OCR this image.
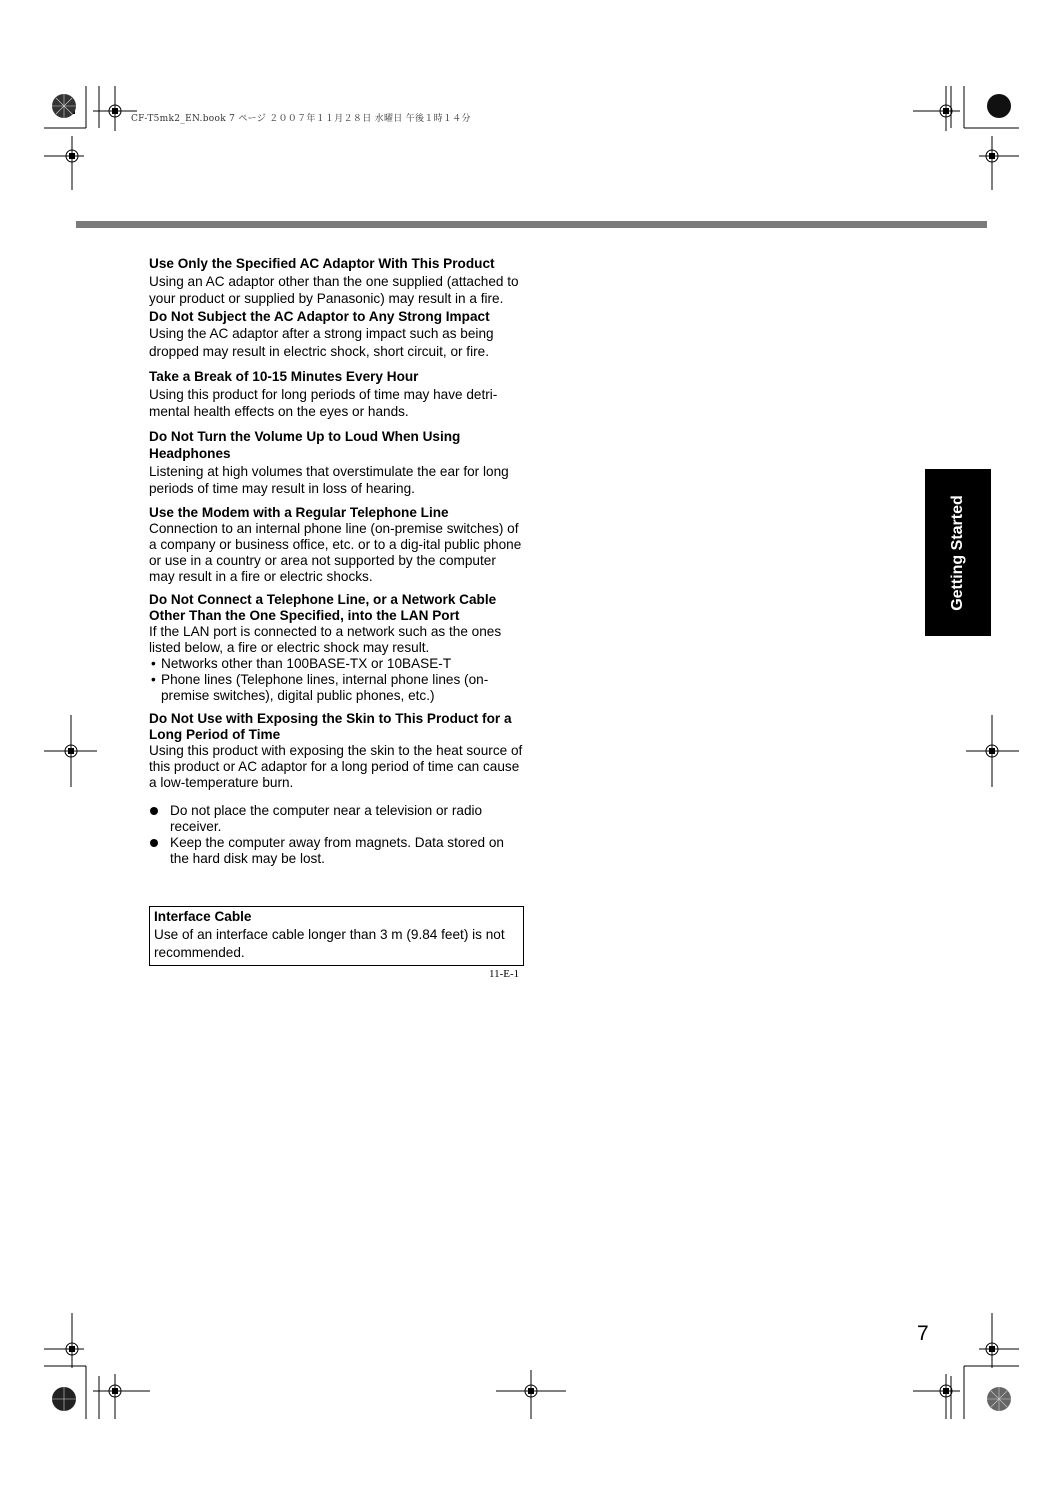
CF-T5mk2_EN.book 7 ページ ２００７年１１月２８日 水曜日 午後１時１４分
Use Only the Specified AC Adaptor With This Product
Using an AC adaptor other than the one supplied (attached to your product or supplied by Panasonic) may result in a fire.
Do Not Subject the AC Adaptor to Any Strong Impact
Using the AC adaptor after a strong impact such as being dropped may result in electric shock, short circuit, or fire.
Take a Break of 10-15 Minutes Every Hour
Using this product for long periods of time may have detri-mental health effects on the eyes or hands.
Do Not Turn the Volume Up to Loud When Using Headphones
Listening at high volumes that overstimulate the ear for long periods of time may result in loss of hearing.
Use the Modem with a Regular Telephone Line
Connection to an internal phone line (on-premise switches) of a company or business office, etc. or to a dig-ital public phone or use in a country or area not supported by the computer may result in a fire or electric shocks.
Do Not Connect a Telephone Line, or a Network Cable Other Than the One Specified, into the LAN Port
If the LAN port is connected to a network such as the ones listed below, a fire or electric shock may result.
• Networks other than 100BASE-TX or 10BASE-T
• Phone lines (Telephone lines, internal phone lines (on-premise switches), digital public phones, etc.)
Do Not Use with Exposing the Skin to This Product for a Long Period of Time
Using this product with exposing the skin to the heat source of this product or AC adaptor for a long period of time can cause a low-temperature burn.
Do not place the computer near a television or radio receiver.
Keep the computer away from magnets. Data stored on the hard disk may be lost.
Interface Cable
Use of an interface cable longer than 3 m (9.84 feet) is not recommended.
11-E-1
Getting Started
7
